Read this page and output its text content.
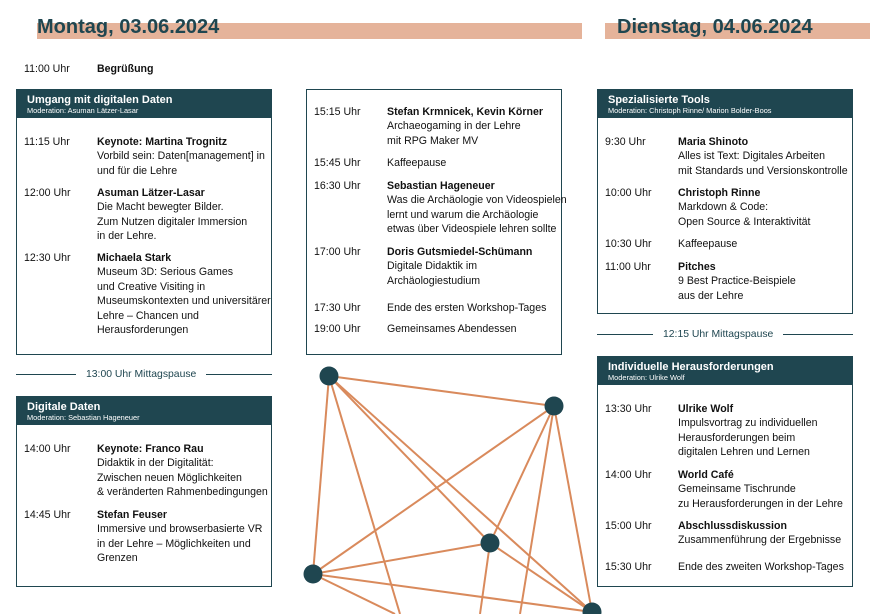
Montag, 03.06.2024	Dienstag, 04.06.2024
11:00 Uhr	Begrüßung
Umgang mit digitalen Daten
Moderation: Asuman Lätzer-Lasar
11:15 Uhr	Keynote: Martina Trognitz
Vorbild sein: Daten[management] in
und für die Lehre
12:00 Uhr	Asuman Lätzer-Lasar
Die Macht bewegter Bilder.
Zum Nutzen digitaler Immersion
in der Lehre.
12:30 Uhr	Michaela Stark
Museum 3D: Serious Games
und Creative Visiting in
Museumskontexten und universitärer
Lehre – Chancen und
Herausforderungen
13:00 Uhr Mittagspause
Digitale Daten
Moderation: Sebastian Hageneuer
14:00 Uhr	Keynote: Franco Rau
Didaktik in der Digitalität:
Zwischen neuen Möglichkeiten
& veränderten Rahmenbedingungen
14:45 Uhr	Stefan Feuser
Immersive und browserbasierte VR
in der Lehre – Möglichkeiten und
Grenzen
15:15 Uhr	Stefan Krmnicek, Kevin Körner
Archaeogaming in der Lehre
mit RPG Maker MV
15:45 Uhr	Kaffeepause
16:30 Uhr	Sebastian Hageneuer
Was die Archäologie von Videospielen
lernt und warum die Archäologie
etwas über Videospiele lehren sollte
17:00 Uhr	Doris Gutsmiedel-Schümann
Digitale Didaktik im
Archäologiestudium
17:30 Uhr	Ende des ersten Workshop-Tages
19:00 Uhr	Gemeinsames Abendessen
Spezialisierte Tools
Moderation: Christoph Rinne/ Marion Bolder-Boos
9:30 Uhr	Maria Shinoto
Alles ist Text: Digitales Arbeiten
mit Standards und Versionskontrolle
10:00 Uhr	Christoph Rinne
Markdown & Code:
Open Source & Interaktivität
10:30 Uhr	Kaffeepause
11:00 Uhr	Pitches
9 Best Practice-Beispiele
aus der Lehre
12:15 Uhr Mittagspause
Individuelle Herausforderungen
Moderation: Ulrike Wolf
13:30 Uhr	Ulrike Wolf
Impulsvortrag zu individuellen
Herausforderungen beim
digitalen Lehren und Lernen
14:00 Uhr	World Café
Gemeinsame Tischrunde
zu Herausforderungen in der Lehre
15:00 Uhr	Abschlussdiskussion
Zusammenführung der Ergebnisse
15:30 Uhr	Ende des zweiten Workshop-Tages
